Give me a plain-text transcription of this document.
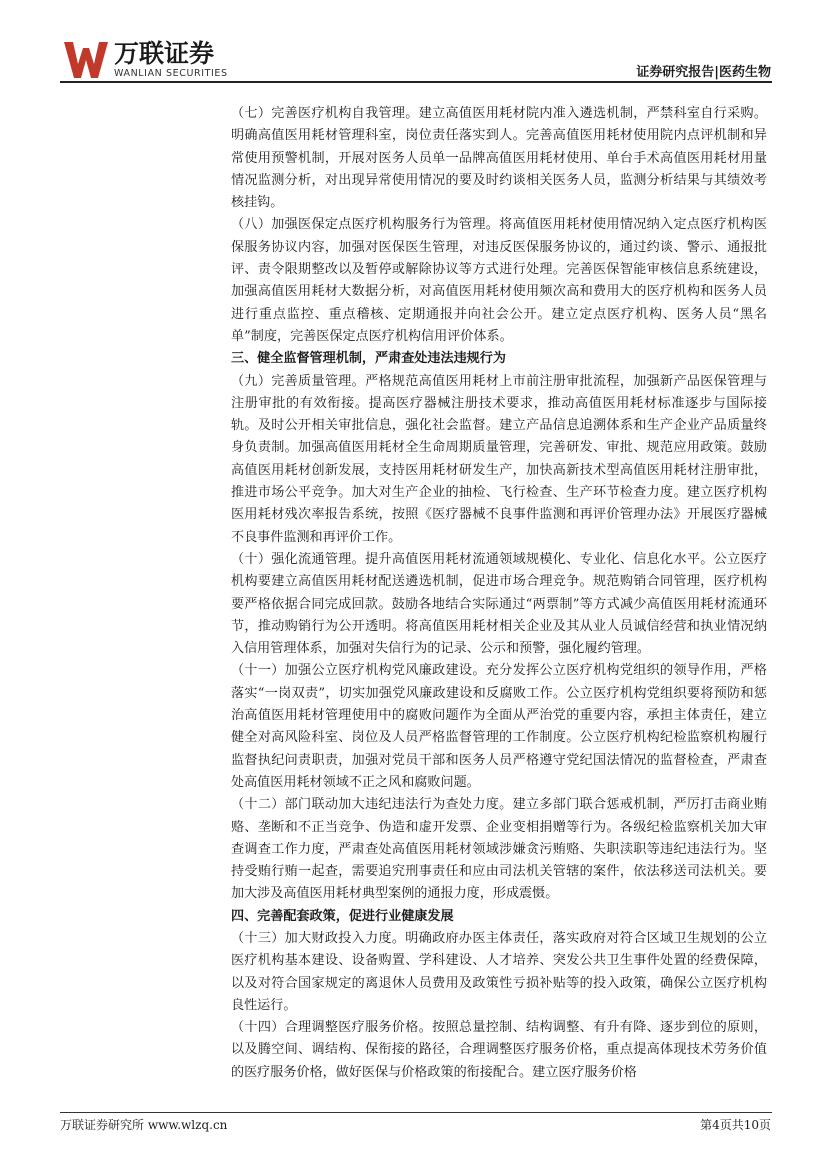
万联证券
WANLIAN SECURITIES	证券研究报告|医药生物

（七）完善医疗机构自我管理。建立高值医用耗材院内准入遴选机制，严禁科室自行采购。明确高值医用耗材管理科室，岗位责任落实到人。完善高值医用耗材使用院内点评机制和异常使用预警机制，开展对医务人员单一品牌高值医用耗材使用、单台手术高值医用耗材用量情况监测分析，对出现异常使用情况的要及时约谈相关医务人员，监测分析结果与其绩效考核挂钩。

（八）加强医保定点医疗机构服务行为管理。将高值医用耗材使用情况纳入定点医疗机构医保服务协议内容，加强对医保医生管理，对违反医保服务协议的，通过约谈、警示、通报批评、责令限期整改以及暂停或解除协议等方式进行处理。完善医保智能审核信息系统建设，加强高值医用耗材大数据分析，对高值医用耗材使用频次高和费用大的医疗机构和医务人员进行重点监控、重点稽核、定期通报并向社会公开。建立定点医疗机构、医务人员“黑名单”制度，完善医保定点医疗机构信用评价体系。

三、健全监督管理机制，严肃查处违法违规行为

（九）完善质量管理。严格规范高值医用耗材上市前注册审批流程，加强新产品医保管理与注册审批的有效衔接。提高医疗器械注册技术要求，推动高值医用耗材标准逐步与国际接轨。及时公开相关审批信息，强化社会监督。建立产品信息追溯体系和生产企业产品质量终身负责制。加强高值医用耗材全生命周期质量管理，完善研发、审批、规范应用政策。鼓励高值医用耗材创新发展，支持医用耗材研发生产，加快高新技术型高值医用耗材注册审批，推进市场公平竞争。加大对生产企业的抽检、飞行检查、生产环节检查力度。建立医疗机构医用耗材残次率报告系统，按照《医疗器械不良事件监测和再评价管理办法》开展医疗器械不良事件监测和再评价工作。

（十）强化流通管理。提升高值医用耗材流通领域规模化、专业化、信息化水平。公立医疗机构要建立高值医用耗材配送遴选机制，促进市场合理竞争。规范购销合同管理，医疗机构要严格依据合同完成回款。鼓励各地结合实际通过“两票制”等方式减少高值医用耗材流通环节，推动购销行为公开透明。将高值医用耗材相关企业及其从业人员诚信经营和执业情况纳入信用管理体系，加强对失信行为的记录、公示和预警，强化履约管理。

（十一）加强公立医疗机构党风廉政建设。充分发挥公立医疗机构党组织的领导作用，严格落实“一岗双责”，切实加强党风廉政建设和反腐败工作。公立医疗机构党组织要将预防和惩治高值医用耗材管理使用中的腐败问题作为全面从严治党的重要内容，承担主体责任，建立健全对高风险科室、岗位及人员严格监督管理的工作制度。公立医疗机构纪检监察机构履行监督执纪问责职责，加强对党员干部和医务人员严格遵守党纪国法情况的监督检查，严肃查处高值医用耗材领域不正之风和腐败问题。

（十二）部门联动加大违纪违法行为查处力度。建立多部门联合惩戒机制，严厉打击商业贿赂、垄断和不正当竞争、伪造和虚开发票、企业变相捐赠等行为。各级纪检监察机关加大审查调查工作力度，严肃查处高值医用耗材领域涉嫌贪污贿赂、失职渎职等违纪违法行为。坚持受贿行贿一起查，需要追究刑事责任和应由司法机关管辖的案件，依法移送司法机关。要加大涉及高值医用耗材典型案例的通报力度，形成震慑。

四、完善配套政策，促进行业健康发展

（十三）加大财政投入力度。明确政府办医主体责任，落实政府对符合区域卫生规划的公立医疗机构基本建设、设备购置、学科建设、人才培养、突发公共卫生事件处置的经费保障，以及对符合国家规定的离退休人员费用及政策性亏损补贴等的投入政策，确保公立医疗机构良性运行。

（十四）合理调整医疗服务价格。按照总量控制、结构调整、有升有降、逐步到位的原则，以及腾空间、调结构、保衔接的路径，合理调整医疗服务价格，重点提高体现技术劳务价值的医疗服务价格，做好医保与价格政策的衔接配合。建立医疗服务价格

万联证券研究所 www.wlzq.cn	第4页共10页
